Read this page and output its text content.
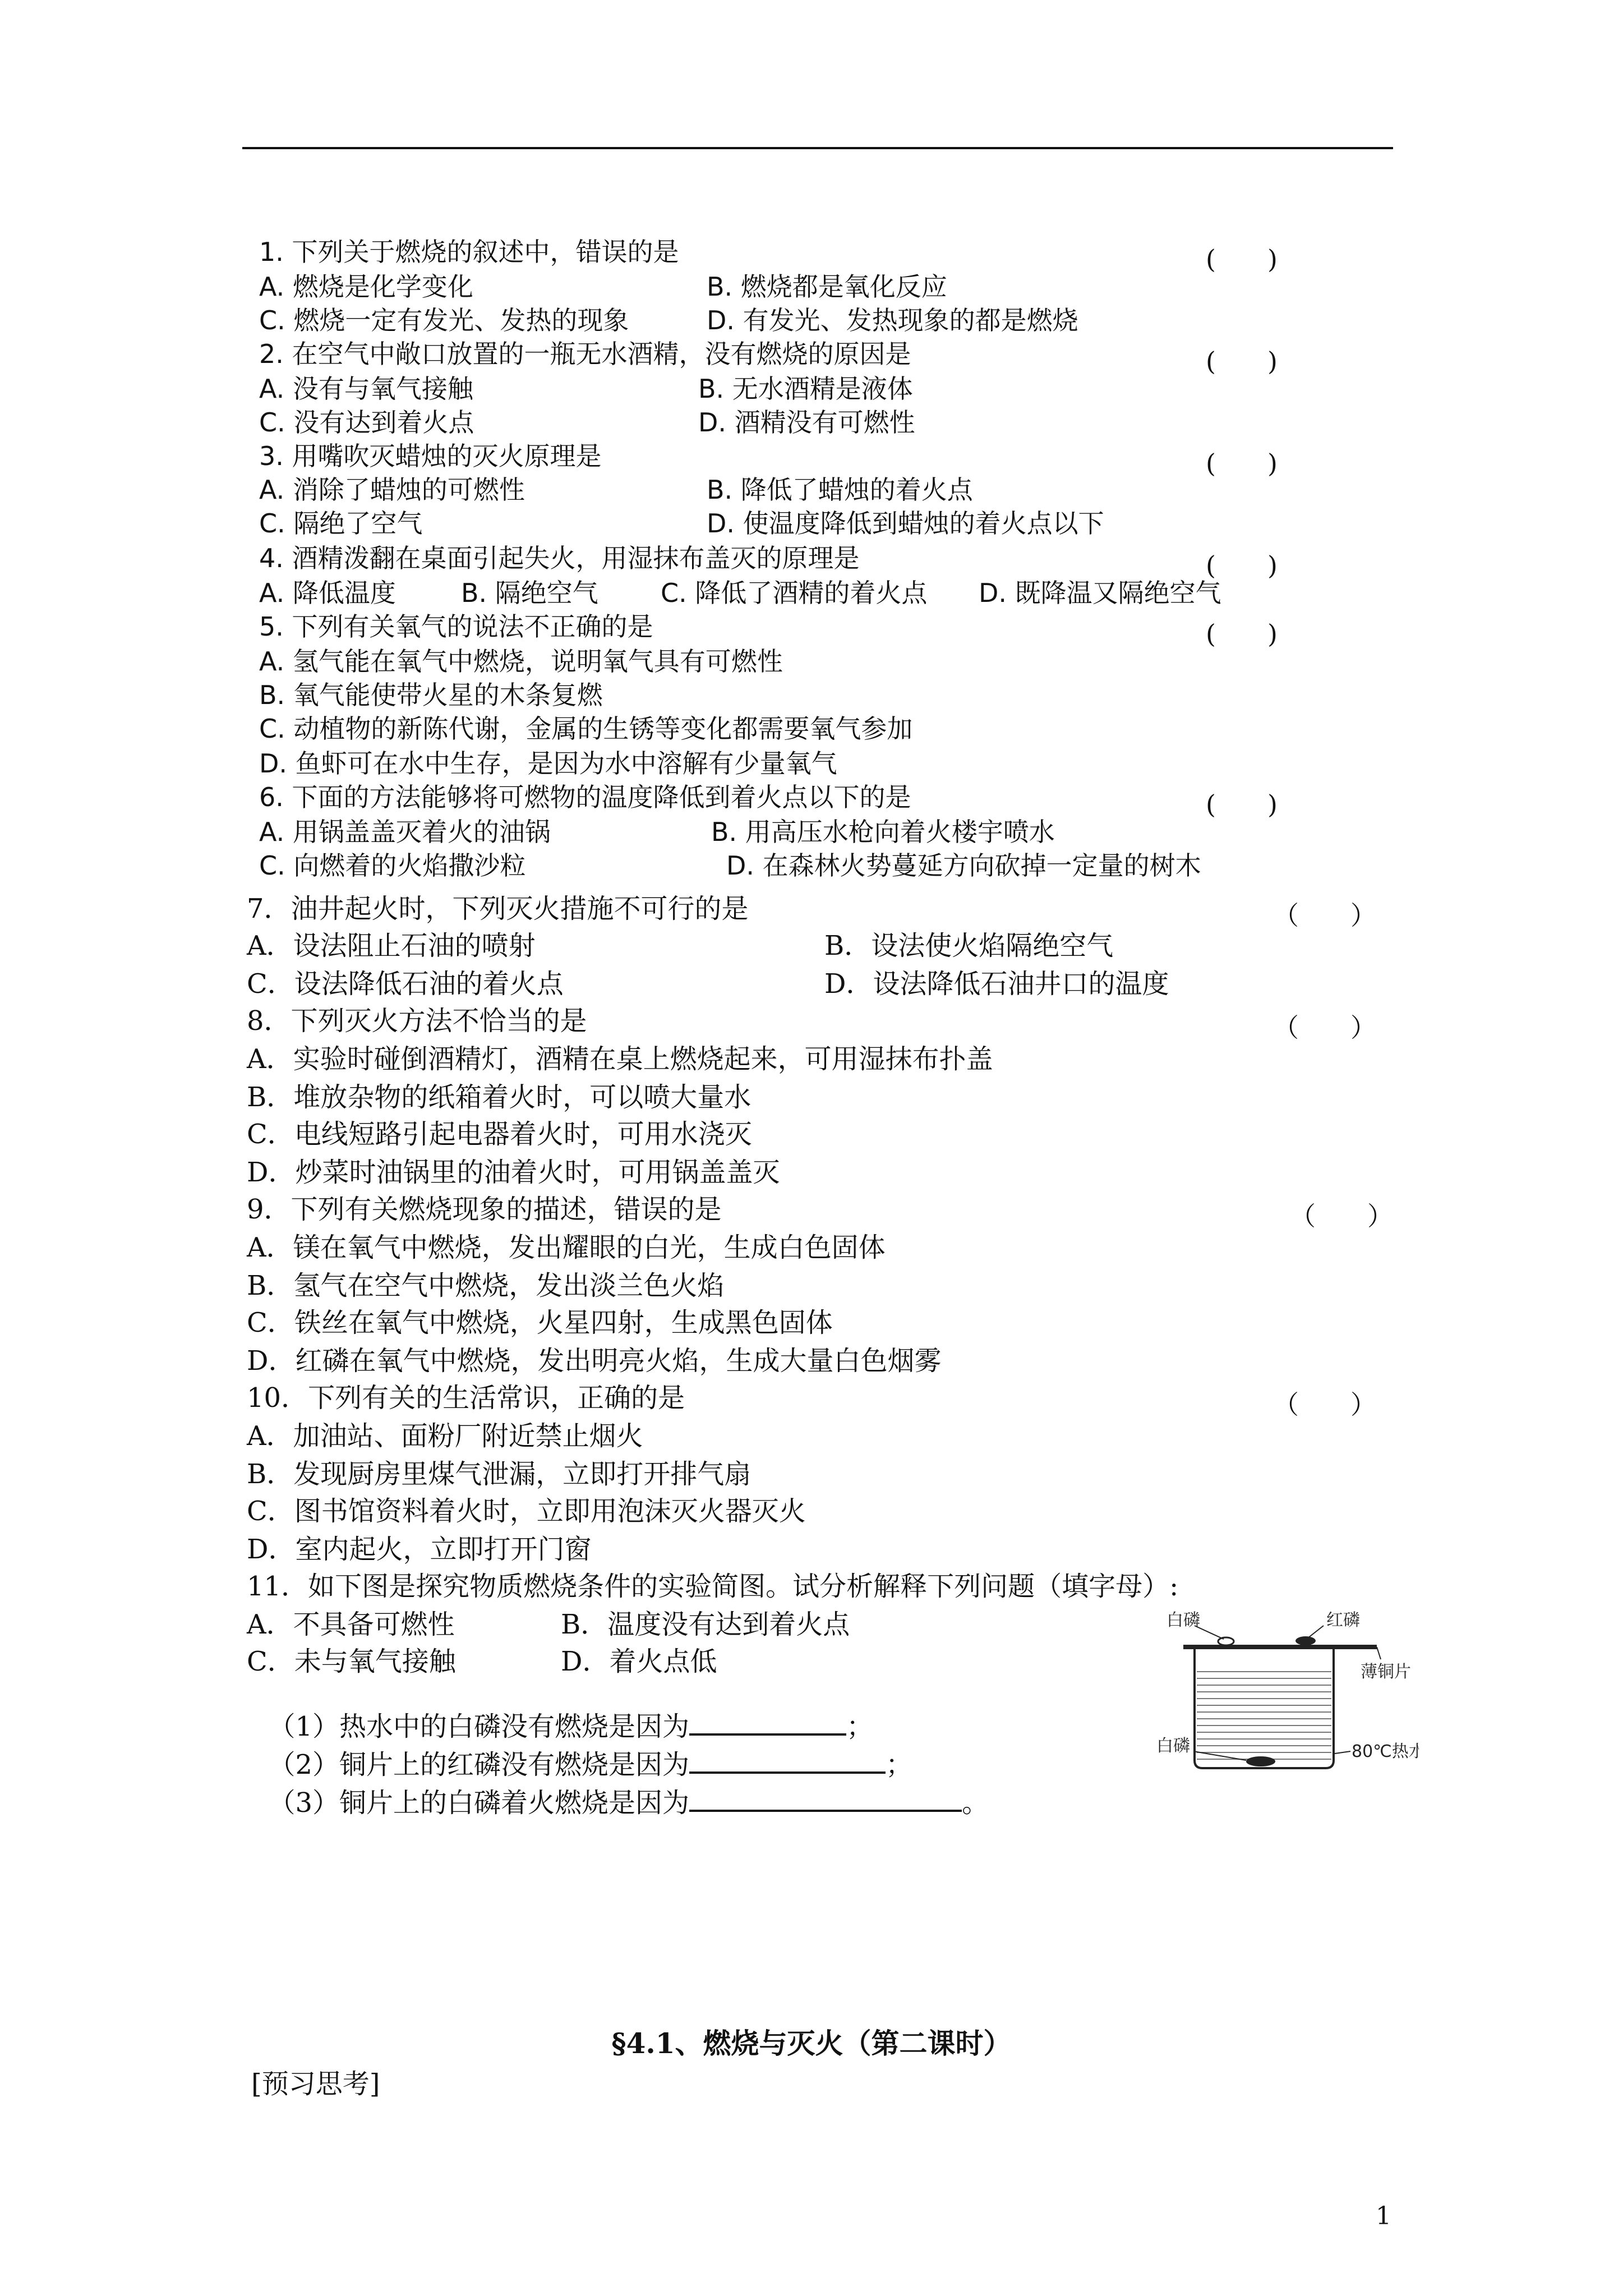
1. 下列关于燃烧的叙述中，错误的是	(　　)
A. 燃烧是化学变化	B. 燃烧都是氧化反应
C. 燃烧一定有发光、发热的现象	D. 有发光、发热现象的都是燃烧
2. 在空气中敞口放置的一瓶无水酒精，没有燃烧的原因是	(　　)
A. 没有与氧气接触	B. 无水酒精是液体
C. 没有达到着火点	D. 酒精没有可燃性
3. 用嘴吹灭蜡烛的灭火原理是	(　　)
A. 消除了蜡烛的可燃性	B. 降低了蜡烛的着火点
C. 隔绝了空气	D. 使温度降低到蜡烛的着火点以下
4. 酒精泼翻在桌面引起失火，用湿抹布盖灭的原理是	(　　)
A. 降低温度	B. 隔绝空气 C. 降低了酒精的着火点 D. 既降温又隔绝空气
5. 下列有关氧气的说法不正确的是	(　　)
A. 氢气能在氧气中燃烧，说明氧气具有可燃性
B. 氧气能使带火星的木条复燃
C. 动植物的新陈代谢，金属的生锈等变化都需要氧气参加
D. 鱼虾可在水中生存，是因为水中溶解有少量氧气
6. 下面的方法能够将可燃物的温度降低到着火点以下的是	(　　)
A. 用锅盖盖灭着火的油锅	B. 用高压水枪向着火楼宇喷水
C. 向燃着的火焰撒沙粒	D. 在森林火势蔓延方向砍掉一定量的树木
7．油井起火时，下列灭火措施不可行的是	（　　）
A．设法阻止石油的喷射	B．设法使火焰隔绝空气
C．设法降低石油的着火点	D．设法降低石油井口的温度
8．下列灭火方法不恰当的是	（　　）
A．实验时碰倒酒精灯，酒精在桌上燃烧起来，可用湿抹布扑盖
B．堆放杂物的纸箱着火时，可以喷大量水
C．电线短路引起电器着火时，可用水浇灭
D．炒菜时油锅里的油着火时，可用锅盖盖灭
9．下列有关燃烧现象的描述，错误的是	（　　）
A．镁在氧气中燃烧，发出耀眼的白光，生成白色固体
B．氢气在空气中燃烧，发出淡兰色火焰
C．铁丝在氧气中燃烧，火星四射，生成黑色固体
D．红磷在氧气中燃烧，发出明亮火焰，生成大量白色烟雾
10．下列有关的生活常识，正确的是	（　　）
A．加油站、面粉厂附近禁止烟火
B．发现厨房里煤气泄漏，立即打开排气扇
C．图书馆资料着火时，立即用泡沫灭火器灭火
D．室内起火，立即打开门窗
11．如下图是探究物质燃烧条件的实验简图。试分析解释下列问题（填字母）:
A．不具备可燃性	B．温度没有达到着火点
C．未与氧气接触	D．着火点低

（1）热水中的白磷没有燃烧是因为	；

（2）铜片上的红磷没有燃烧是因为	；

（3）铜片上的白磷着火燃烧是因为	。

白磷	红磷
薄铜片
白磷	80℃热水
§4.1、燃烧与灭火（第二课时）
[预习思考]
1
